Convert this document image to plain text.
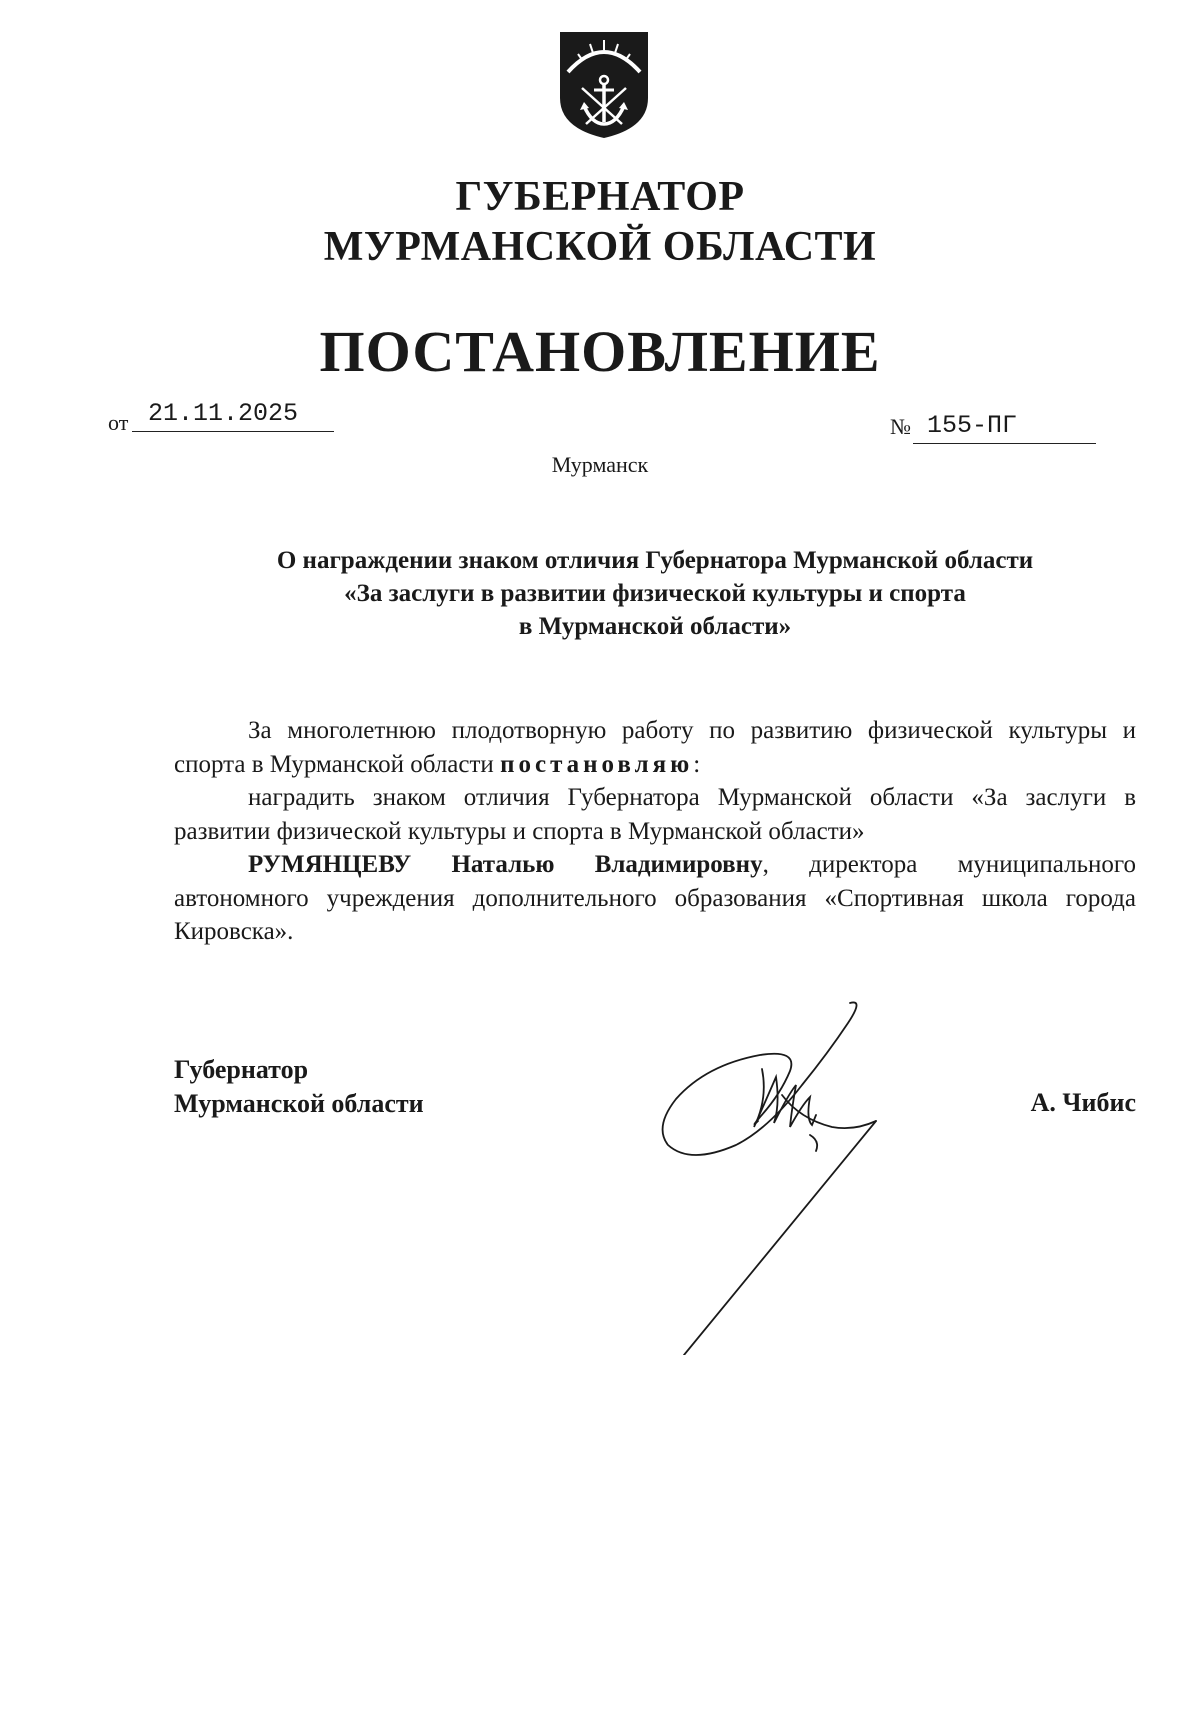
ГУБЕРНАТОР
МУРМАНСКОЙ ОБЛАСТИ
ПОСТАНОВЛЕНИЕ
от 21.11.2025	№ 155-ПГ
Мурманск
О награждении знаком отличия Губернатора Мурманской области
«За заслуги в развитии физической культуры и спорта
в Мурманской области»

За многолетнюю плодотворную работу по развитию физической культуры и спорта в Мурманской области постановляю:

наградить знаком отличия Губернатора Мурманской области «За заслуги в развитии физической культуры и спорта в Мурманской области»

РУМЯНЦЕВУ Наталью Владимировну, директора муниципального автономного учреждения дополнительного образования «Спортивная школа города Кировска».

Губернатор
Мурманской области	А. Чибис
